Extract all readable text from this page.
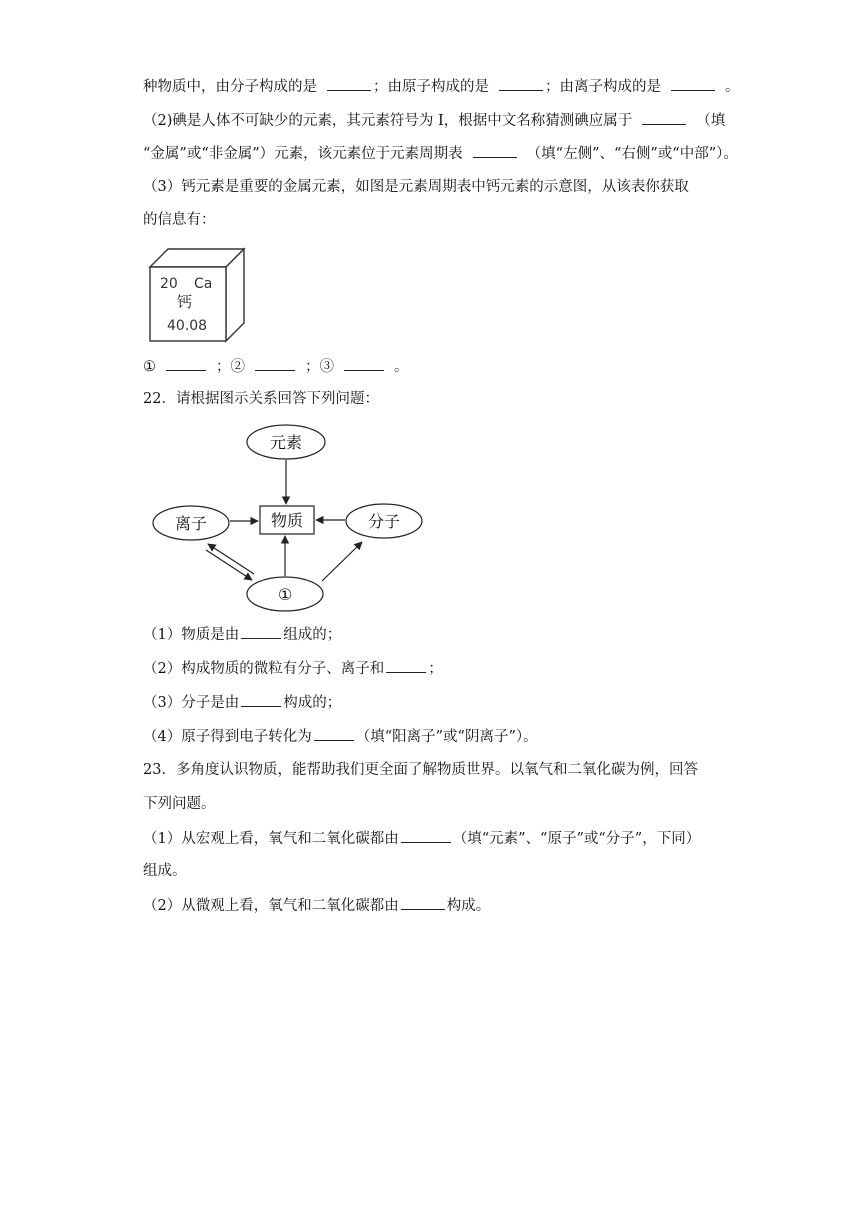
种物质中，由分子构成的是	；由原子构成的是	；由离子构成的是	。
（2)碘是人体不可缺少的元素，其元素符号为 I，根据中文名称猜测碘应属于	（填
“金属”或“非金属”）元素，该元素位于元素周期表	（填“左侧”、“右侧”或“中部”）。
（3）钙元素是重要的金属元素，如图是元素周期表中钙元素的示意图，从该表你获取
的信息有：
20 Ca
钙
40.08
①	；②	；③	。
22．请根据图示关系回答下列问题：
元素
物质
离子	分子
①
（1）物质是由	组成的；
（2）构成物质的微粒有分子、离子和	；
（3）分子是由	构成的；
（4）原子得到电子转化为	（填“阳离子”或“阴离子”）。
23．多角度认识物质，能帮助我们更全面了解物质世界。以氧气和二氧化碳为例，回答
下列问题。
（1）从宏观上看，氧气和二氧化碳都由	（填“元素”、“原子”或“分子”，下同）
组成。
（2）从微观上看，氧气和二氧化碳都由	构成。
